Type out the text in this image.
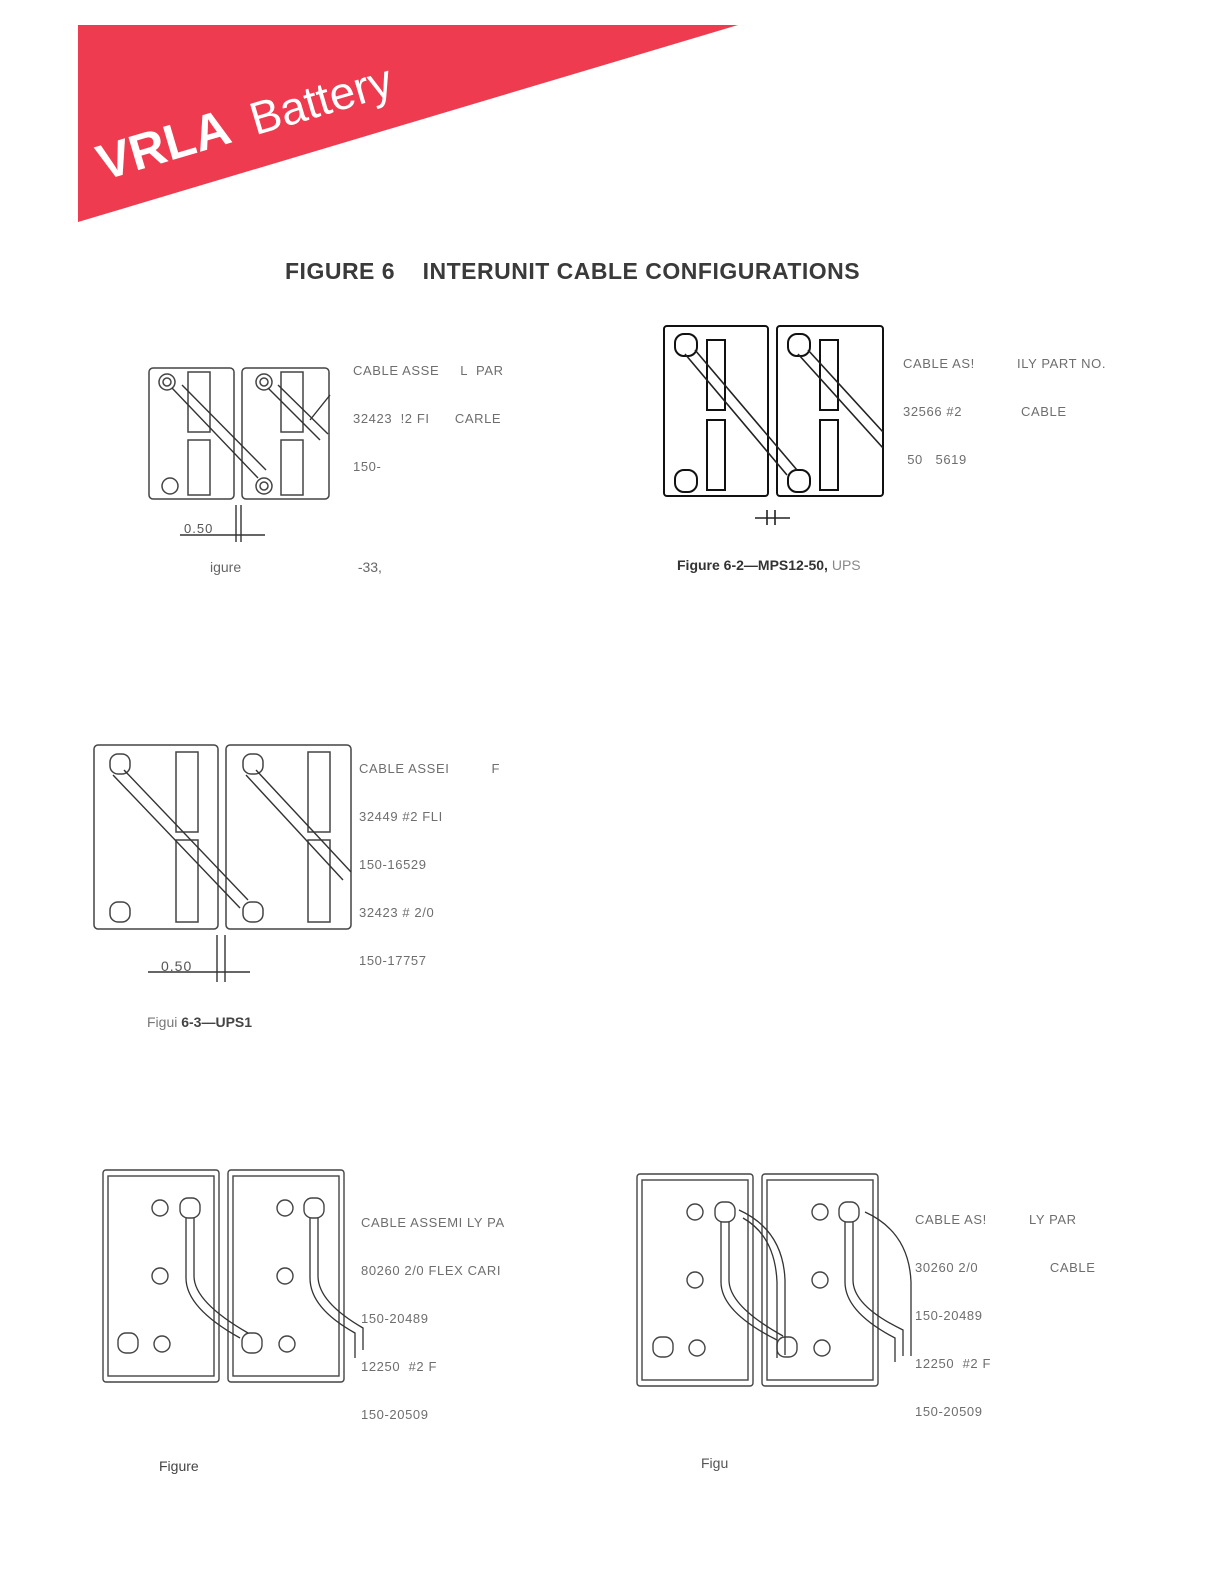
VRLA Battery
FIGURE 6    INTERUNIT CABLE CONFIGURATIONS

CABLE ASSE     L  PAR

32423  !2 FI      CARLE

150-

0.50
igure                              -33,

CABLE AS!          ILY PART NO.

32566 #2              CABLE

50   5619

Figure 6-2—MPS12-50, UPS

CABLE ASSEI          F

32449 #2 FLI

150-16529

32423 # 2/0

150-17757

0.50
Figui 6-3—UPS1

CABLE ASSEMI LY PA

80260 2/0 FLEX CARI

150-20489

12250  #2 F

150-20509

Figure

CABLE AS!          LY PAR

30260 2/0                 CABLE

150-20489

12250  #2 F

150-20509

Figu
